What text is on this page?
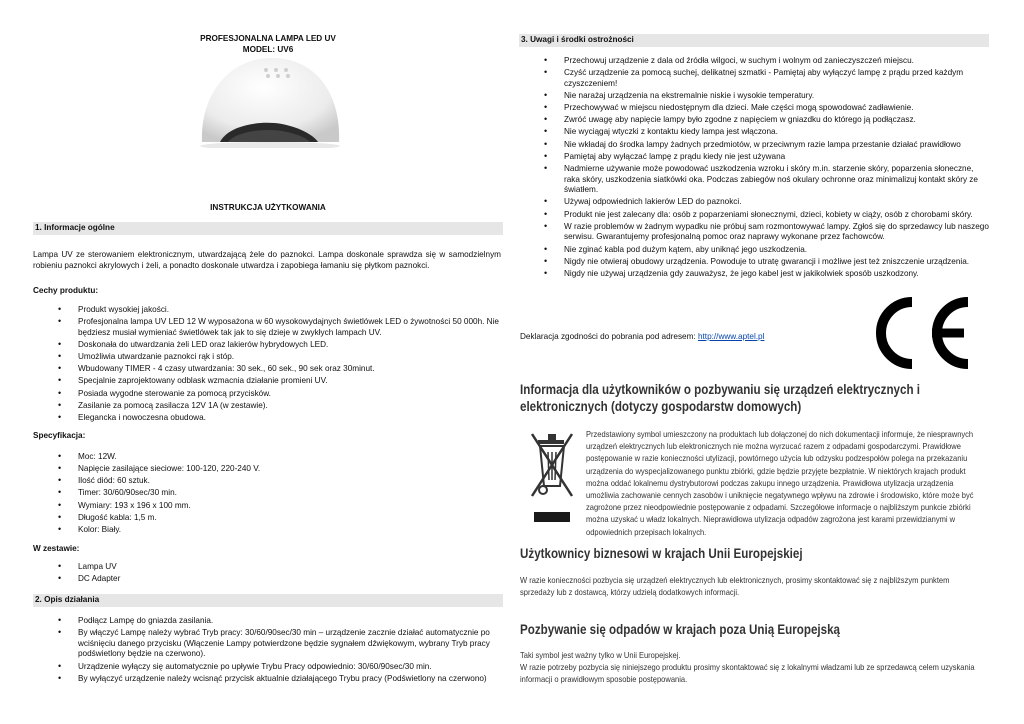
PROFESJONALNA LAMPA LED UV
MODEL: UV6
INSTRUKCJA UŻYTKOWANIA
1. Informacje ogólne
Lampa UV ze sterowaniem elektronicznym, utwardzającą żele do paznokci. Lampa doskonale sprawdza się w samodzielnym robieniu paznokci akrylowych i żeli, a ponadto doskonale utwardza i zapobiega łamaniu się płytkom paznokci.
Cechy produktu:
• Produkt wysokiej jakości.
• Profesjonalna lampa UV LED 12 W wyposażona w 60 wysokowydajnych świetlówek LED o żywotności 50 000h. Nie będziesz musiał wymieniać świetlówek tak jak to się dzieje w zwykłych lampach UV.
• Doskonała do utwardzania żeli LED oraz lakierów hybrydowych LED.
• Umożliwia utwardzanie paznokci rąk i stóp.
• Wbudowany TIMER - 4 czasy utwardzania: 30 sek., 60 sek., 90 sek oraz 30minut.
• Specjalnie zaprojektowany odblask wzmacnia działanie promieni UV.
• Posiada wygodne sterowanie za pomocą przycisków.
• Zasilanie za pomocą zasilacza 12V 1A (w zestawie).
• Elegancka i nowoczesna obudowa.
Specyfikacja:
• Moc: 12W.
• Napięcie zasilające sieciowe: 100-120, 220-240 V.
• Ilość diód: 60 sztuk.
• Timer: 30/60/90sec/30 min.
• Wymiary: 193 x 196 x 100 mm.
• Długość kabla: 1,5 m.
• Kolor: Biały.
W zestawie:
• Lampa UV
• DC Adapter
2. Opis działania
• Podłącz Lampę do gniazda zasilania.
• By włączyć Lampę należy wybrać Tryb pracy: 30/60/90sec/30 min – urządzenie zacznie działać automatycznie po wciśnięciu danego przycisku (Włączenie Lampy potwierdzone będzie sygnałem dźwiękowym, wybrany Tryb pracy podświetlony będzie na czerwono).
• Urządzenie wyłączy się automatycznie po upływie Trybu Pracy odpowiednio: 30/60/90sec/30 min.
• By wyłączyć urządzenie należy wcisnąć przycisk aktualnie działającego Trybu pracy (Podświetlony na czerwono)
3. Uwagi i środki ostrożności
• Przechowuj urządzenie z dala od źródła wilgoci, w suchym i wolnym od zanieczyszczeń miejscu.
• Czyść urządzenie za pomocą suchej, delikatnej szmatki - Pamiętaj aby wyłączyć lampę z prądu przed każdym czyszczeniem!
• Nie narażaj urządzenia na ekstremalnie niskie i wysokie temperatury.
• Przechowywać w miejscu niedostępnym dla dzieci. Małe części mogą spowodować zadławienie.
• Zwróć uwagę aby napięcie lampy było zgodne z napięciem w gniazdku do którego ją podłączasz.
• Nie wyciągaj wtyczki z kontaktu kiedy lampa jest włączona.
• Nie wkładaj do środka lampy żadnych przedmiotów, w przeciwnym razie lampa przestanie działać prawidłowo
• Pamiętaj aby wyłączać lampę z prądu kiedy nie jest używana
• Nadmierne używanie może powodować uszkodzenia wzroku i skóry m.in. starzenie skóry, poparzenia słoneczne, raka skóry, uszkodzenia siatkówki oka. Podczas zabiegów noś okulary ochronne oraz minimalizuj kontakt skóry ze światłem.
• Używaj odpowiednich lakierów LED do paznokci.
• Produkt nie jest zalecany dla: osób z poparzeniami słonecznymi, dzieci, kobiety w ciąży, osób z chorobami skóry.
• W razie problemów w żadnym wypadku nie próbuj sam rozmontowywać lampy. Zgłoś się do sprzedawcy lub naszego serwisu. Gwarantujemy profesjonalną pomoc oraz naprawy wykonane przez fachowców.
• Nie zginać kabla pod dużym kątem, aby uniknąć jego uszkodzenia.
• Nigdy nie otwieraj obudowy urządzenia. Powoduje to utratę gwarancji i możliwe jest też zniszczenie urządzenia.
• Nigdy nie używaj urządzenia gdy zauważysz, że jego kabel jest w jakikolwiek sposób uszkodzony.
Deklaracja zgodności do pobrania pod adresem: http://www.aptel.pl
Informacja dla użytkowników o pozbywaniu się urządzeń elektrycznych i elektronicznych (dotyczy gospodarstw domowych)
Przedstawiony symbol umieszczony na produktach lub dołączonej do nich dokumentacji informuje, że niesprawnych urządzeń elektrycznych lub elektronicznych nie można wyrzucać razem z odpadami gospodarczymi. Prawidłowe postępowanie w razie konieczności utylizacji, powtórnego użycia lub odzysku podzespołów polega na przekazaniu urządzenia do wyspecjalizowanego punktu zbiórki, gdzie będzie przyjęte bezpłatnie. W niektórych krajach produkt można oddać lokalnemu dystrybutorowi podczas zakupu innego urządzenia. Prawidłowa utylizacja urządzenia umożliwia zachowanie cennych zasobów i uniknięcie negatywnego wpływu na zdrowie i środowisko, które może być zagrożone przez nieodpowiednie postępowanie z odpadami. Szczegółowe informacje o najbliższym punkcie zbiórki można uzyskać u władz lokalnych. Nieprawidłowa utylizacja odpadów zagrożona jest karami przewidzianymi w odpowiednich przepisach lokalnych.
Użytkownicy biznesowi w krajach Unii Europejskiej
W razie konieczności pozbycia się urządzeń elektrycznych lub elektronicznych, prosimy skontaktować się z najbliższym punktem sprzedaży lub z dostawcą, którzy udzielą dodatkowych informacji.
Pozbywanie się odpadów w krajach poza Unią Europejską
Taki symbol jest ważny tylko w Unii Europejskej.
W razie potrzeby pozbycia się niniejszego produktu prosimy skontaktować się z lokalnymi władzami lub ze sprzedawcą celem uzyskania informacji o prawidłowym sposobie postępowania.
